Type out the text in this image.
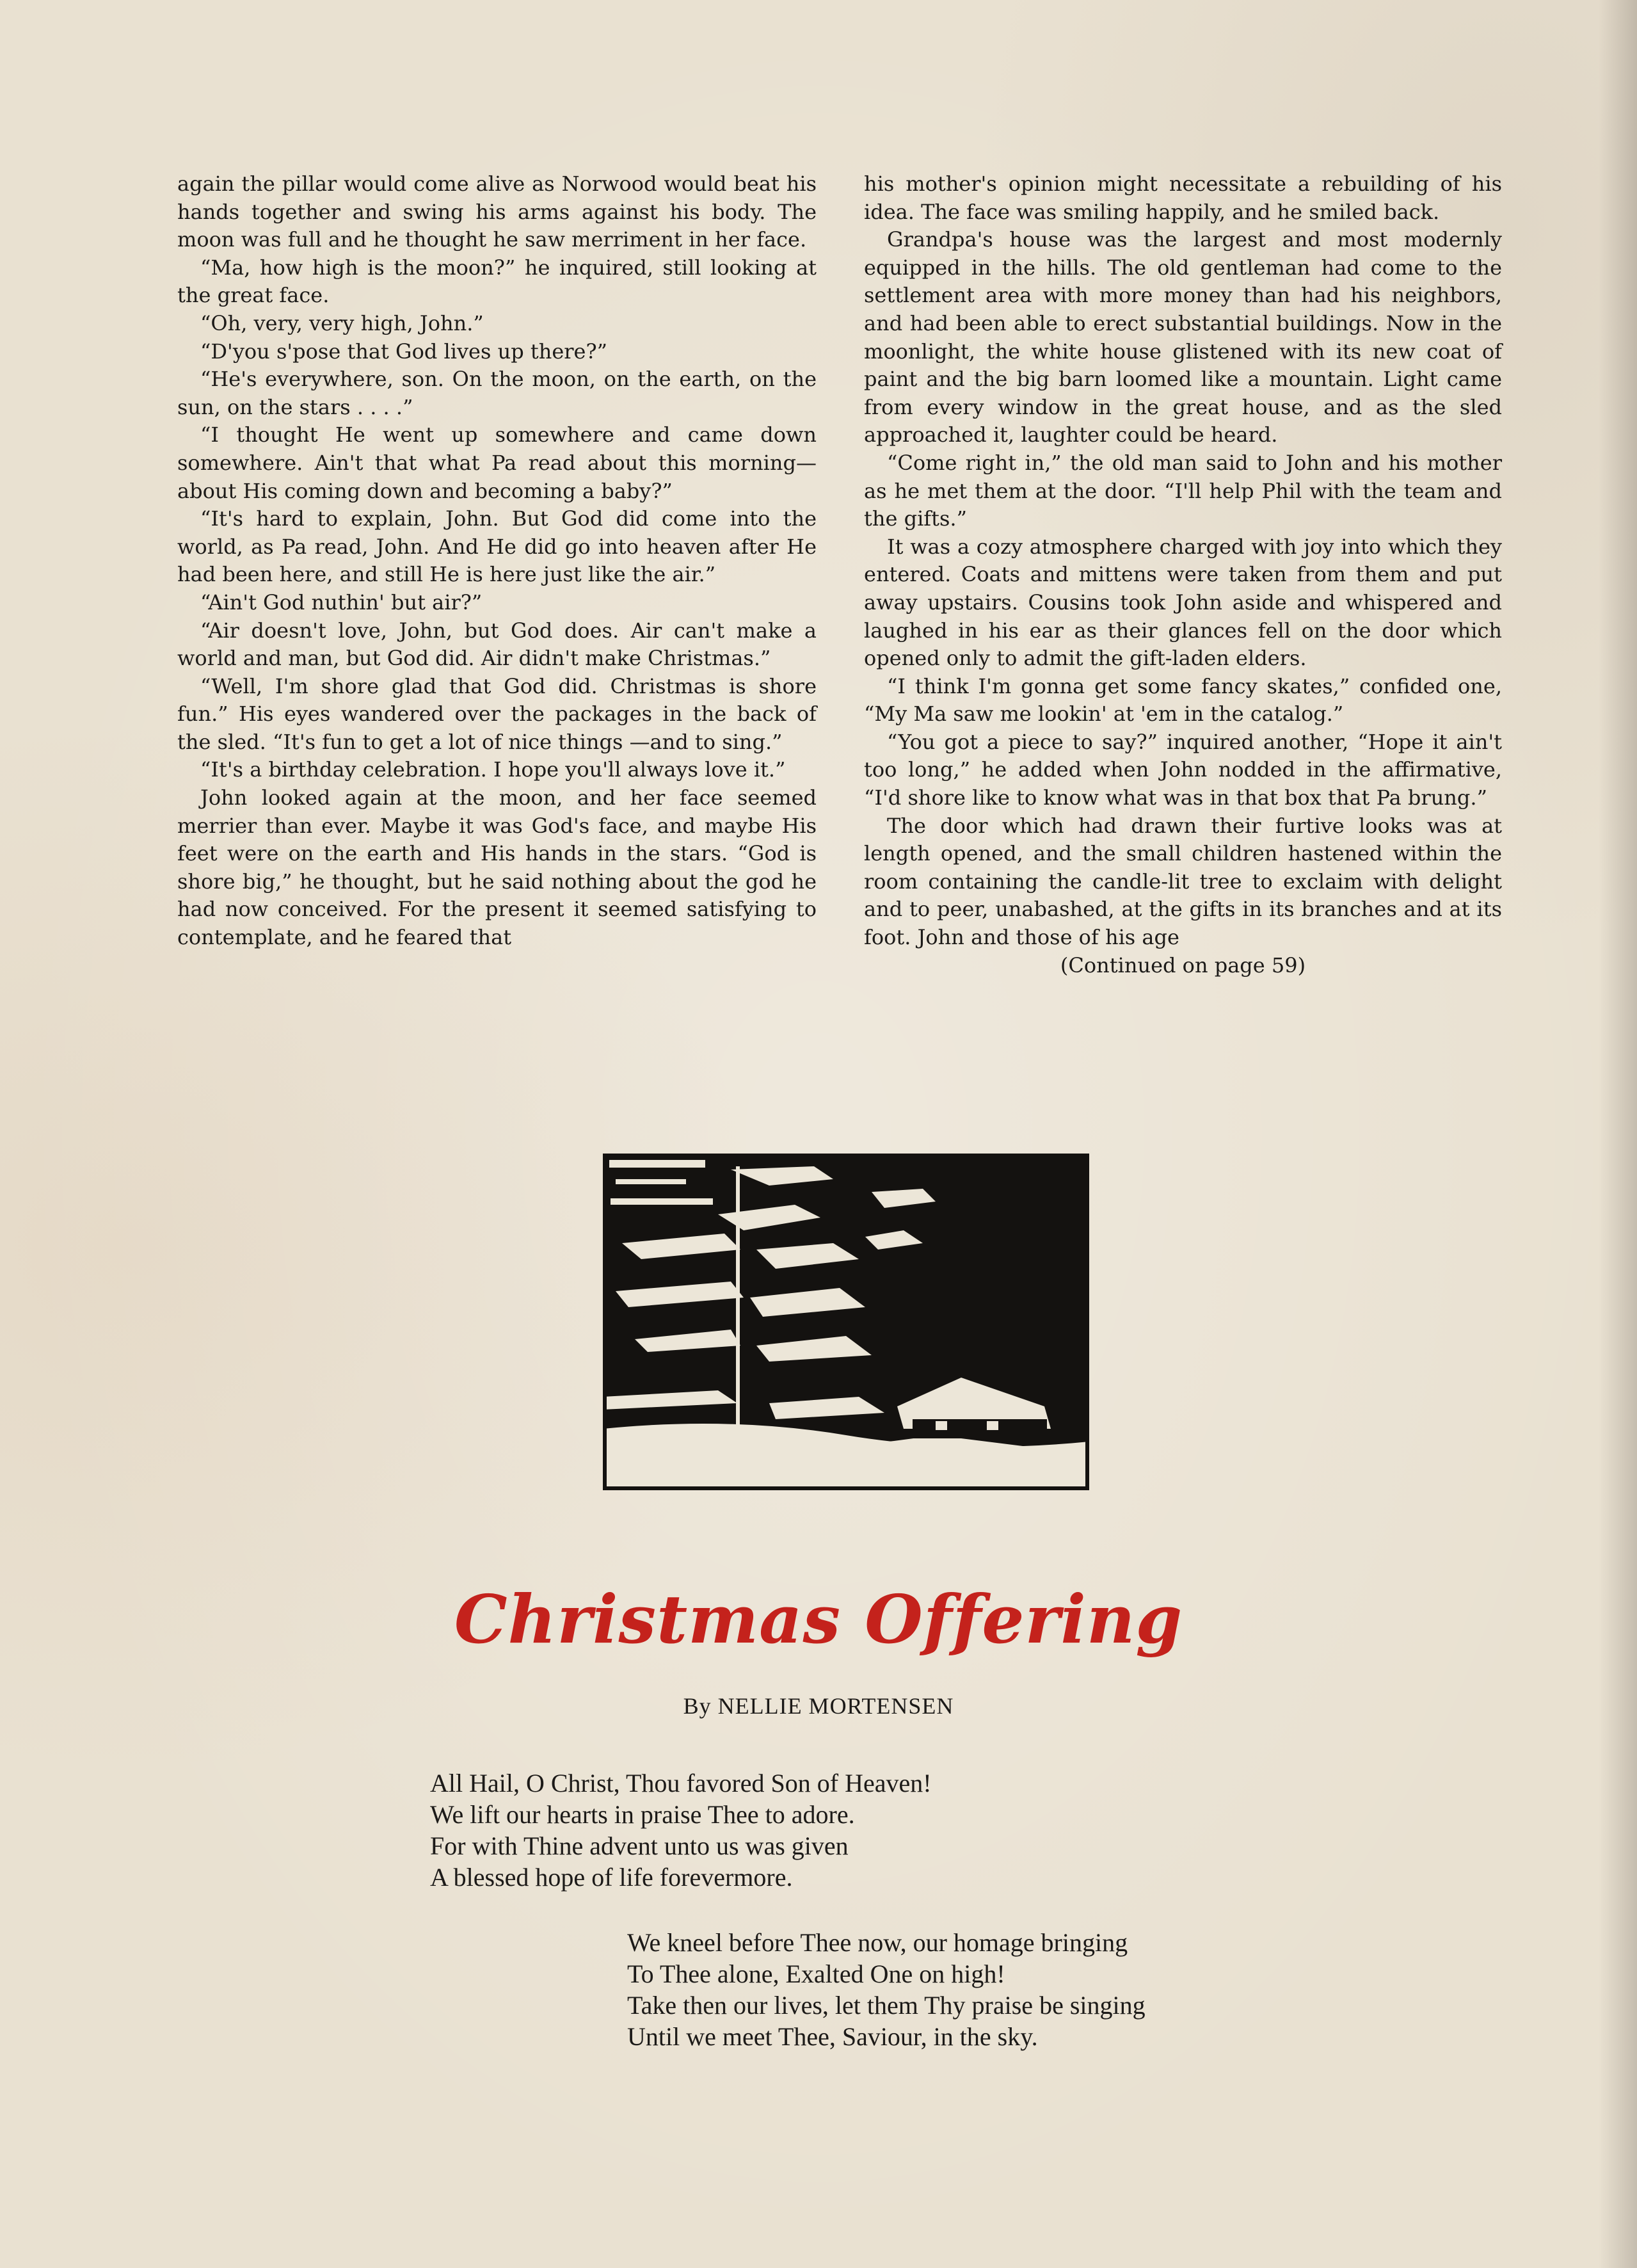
again the pillar would come alive as Norwood would beat his hands together and swing his arms against his body. The moon was full and he thought he saw merriment in her face.

“Ma, how high is the moon?” he inquired, still looking at the great face.

“Oh, very, very high, John.”

“D'you s'pose that God lives up there?”

“He's everywhere, son. On the moon, on the earth, on the sun, on the stars . . . .”

“I thought He went up somewhere and came down somewhere. Ain't that what Pa read about this morning—about His coming down and becoming a baby?”

“It's hard to explain, John. But God did come into the world, as Pa read, John. And He did go into heaven after He had been here, and still He is here just like the air.”

“Ain't God nuthin' but air?”

“Air doesn't love, John, but God does. Air can't make a world and man, but God did. Air didn't make Christmas.”

“Well, I'm shore glad that God did. Christmas is shore fun.” His eyes wandered over the packages in the back of the sled. “It's fun to get a lot of nice things —and to sing.”

“It's a birthday celebration. I hope you'll always love it.”

John looked again at the moon, and her face seemed merrier than ever. Maybe it was God's face, and maybe His feet were on the earth and His hands in the stars. “God is shore big,” he thought, but he said nothing about the god he had now conceived. For the present it seemed satisfying to contemplate, and he feared that

his mother's opinion might necessitate a rebuilding of his idea. The face was smiling happily, and he smiled back.

Grandpa's house was the largest and most modernly equipped in the hills. The old gentleman had come to the settlement area with more money than had his neighbors, and had been able to erect substantial buildings. Now in the moonlight, the white house glistened with its new coat of paint and the big barn loomed like a mountain. Light came from every window in the great house, and as the sled approached it, laughter could be heard.

“Come right in,” the old man said to John and his mother as he met them at the door. “I'll help Phil with the team and the gifts.”

It was a cozy atmosphere charged with joy into which they entered. Coats and mittens were taken from them and put away upstairs. Cousins took John aside and whispered and laughed in his ear as their glances fell on the door which opened only to admit the gift-laden elders.

“I think I'm gonna get some fancy skates,” confided one, “My Ma saw me lookin' at 'em in the catalog.”

“You got a piece to say?” inquired another, “Hope it ain't too long,” he added when John nodded in the affirmative, “I'd shore like to know what was in that box that Pa brung.”

The door which had drawn their furtive looks was at length opened, and the small children hastened within the room containing the candle-lit tree to exclaim with delight and to peer, unabashed, at the gifts in its branches and at its foot. John and those of his age

(Continued on page 59)

Christmas Offering
By NELLIE MORTENSEN
All Hail, O Christ, Thou favored Son of Heaven!
We lift our hearts in praise Thee to adore.
For with Thine advent unto us was given
A blessed hope of life forevermore.
We kneel before Thee now, our homage bringing
To Thee alone, Exalted One on high!
Take then our lives, let them Thy praise be singing
Until we meet Thee, Saviour, in the sky.
